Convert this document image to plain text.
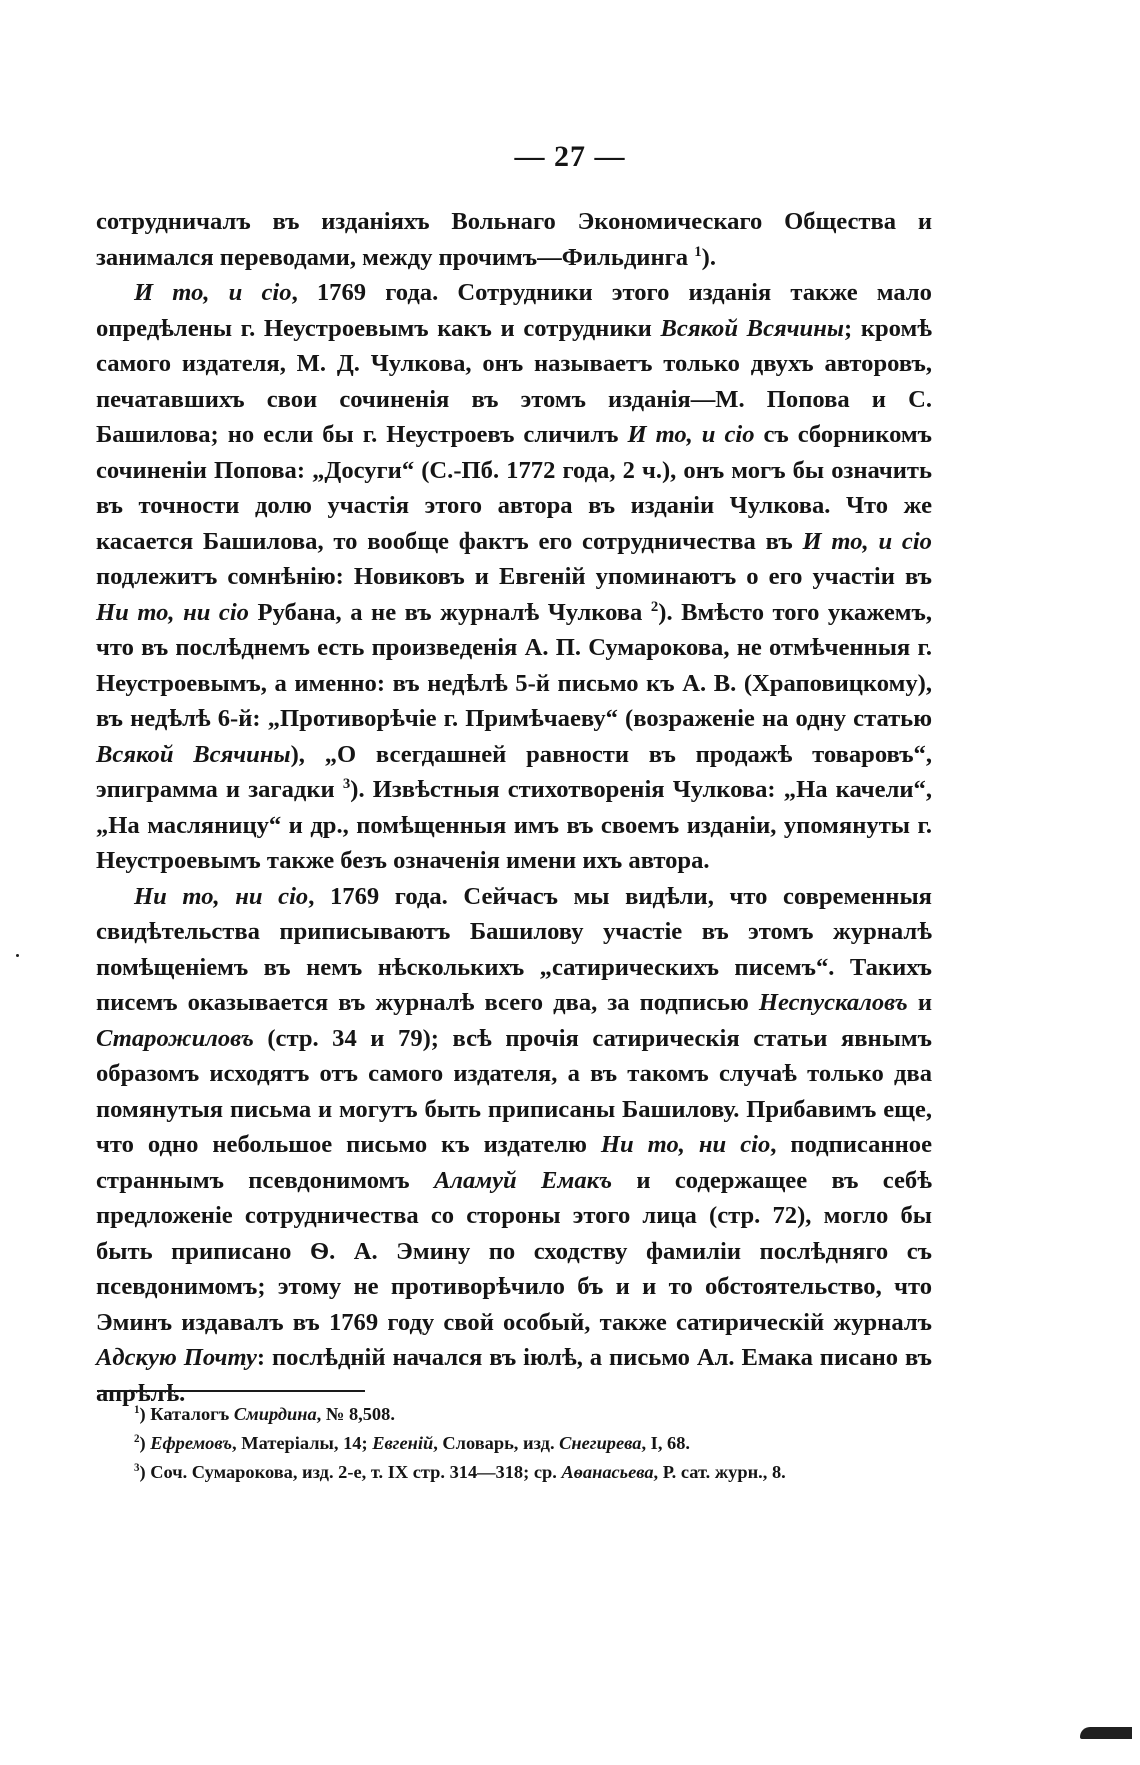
— 27 —

сотрудничалъ въ изданіяхъ Вольнаго Экономическаго Общества и занимался переводами, между прочимъ—Фильдинга $^1$).

И то, и сіо, 1769 года. Сотрудники этого изданія также мало опредѣлены г. Неустроевымъ какъ и сотрудники Всякой Всячины; кромѣ самого издателя, М. Д. Чулкова, онъ называетъ только двухъ авторовъ, печатавшихъ свои сочиненія въ этомъ изданія—М. Попова и С. Башилова; но если бы г. Неустроевъ сличилъ И то, и сіо съ сборникомъ сочиненіи Попова: „Досуги“ (С.-Пб. 1772 года, 2 ч.), онъ могъ бы означить въ точности долю участія этого автора въ изданіи Чулкова. Что же касается Башилова, то вообще фактъ его сотрудничества въ И то, и сіо подлежитъ сомнѣнію: Новиковъ и Евгеній упоминаютъ о его участіи въ Ни то, ни сіо Рубана, а не въ журналѣ Чулкова $^2$). Вмѣсто того укажемъ, что въ послѣднемъ есть произведенія А. П. Сумарокова, не отмѣченныя г. Неустроевымъ, а именно: въ недѣлѣ 5-й письмо къ А. В. (Храповицкому), въ недѣлѣ 6-й: „Противорѣчіе г. Примѣчаеву“ (возраженіе на одну статью Всякой Всячины), „О всегдашней равности въ продажѣ товаровъ“, эпиграмма и загадки $^3$). Извѣстныя стихотворенія Чулкова: „На качели“, „На масляницу“ и др., помѣщенныя имъ въ своемъ изданіи, упомянуты г. Неустроевымъ также безъ означенія имени ихъ автора.

Ни то, ни сіо, 1769 года. Сейчасъ мы видѣли, что современныя свидѣтельства приписываютъ Башилову участіе въ этомъ журналѣ помѣщеніемъ въ немъ нѣсколькихъ „сатирическихъ писемъ“. Такихъ писемъ оказывается въ журналѣ всего два, за подписью Неспускаловъ и Старожиловъ (стр. 34 и 79); всѣ прочія сатирическія статьи явнымъ образомъ исходятъ отъ самого издателя, а въ такомъ случаѣ только два помянутыя письма и могутъ быть приписаны Башилову. Прибавимъ еще, что одно небольшое письмо къ издателю Ни то, ни сіо, подписанное страннымъ псевдонимомъ Аламуй Емакъ и содержащее въ себѣ предложеніе сотрудничества со стороны этого лица (стр. 72), могло бы быть приписано Ѳ. А. Эмину по сходству фамиліи послѣдняго съ псевдонимомъ; этому не противорѣчило бъ и и то обстоятельство, что Эминъ издавалъ въ 1769 году свой особый, также сатирическій журналъ Адскую Почту: послѣдній начался въ іюлѣ, а письмо Ал. Емака писано въ апрѣлѣ.

$^1$) Каталогъ Смирдина, № 8,508.

$^2$) Ефремовъ, Матеріалы, 14; Евгеній, Словарь, изд. Снегирева, I, 68.

$^3$) Соч. Сумарокова, изд. 2-е, т. IX стр. 314—318; ср. Аѳанасьева, Р. сат. журн., 8.
